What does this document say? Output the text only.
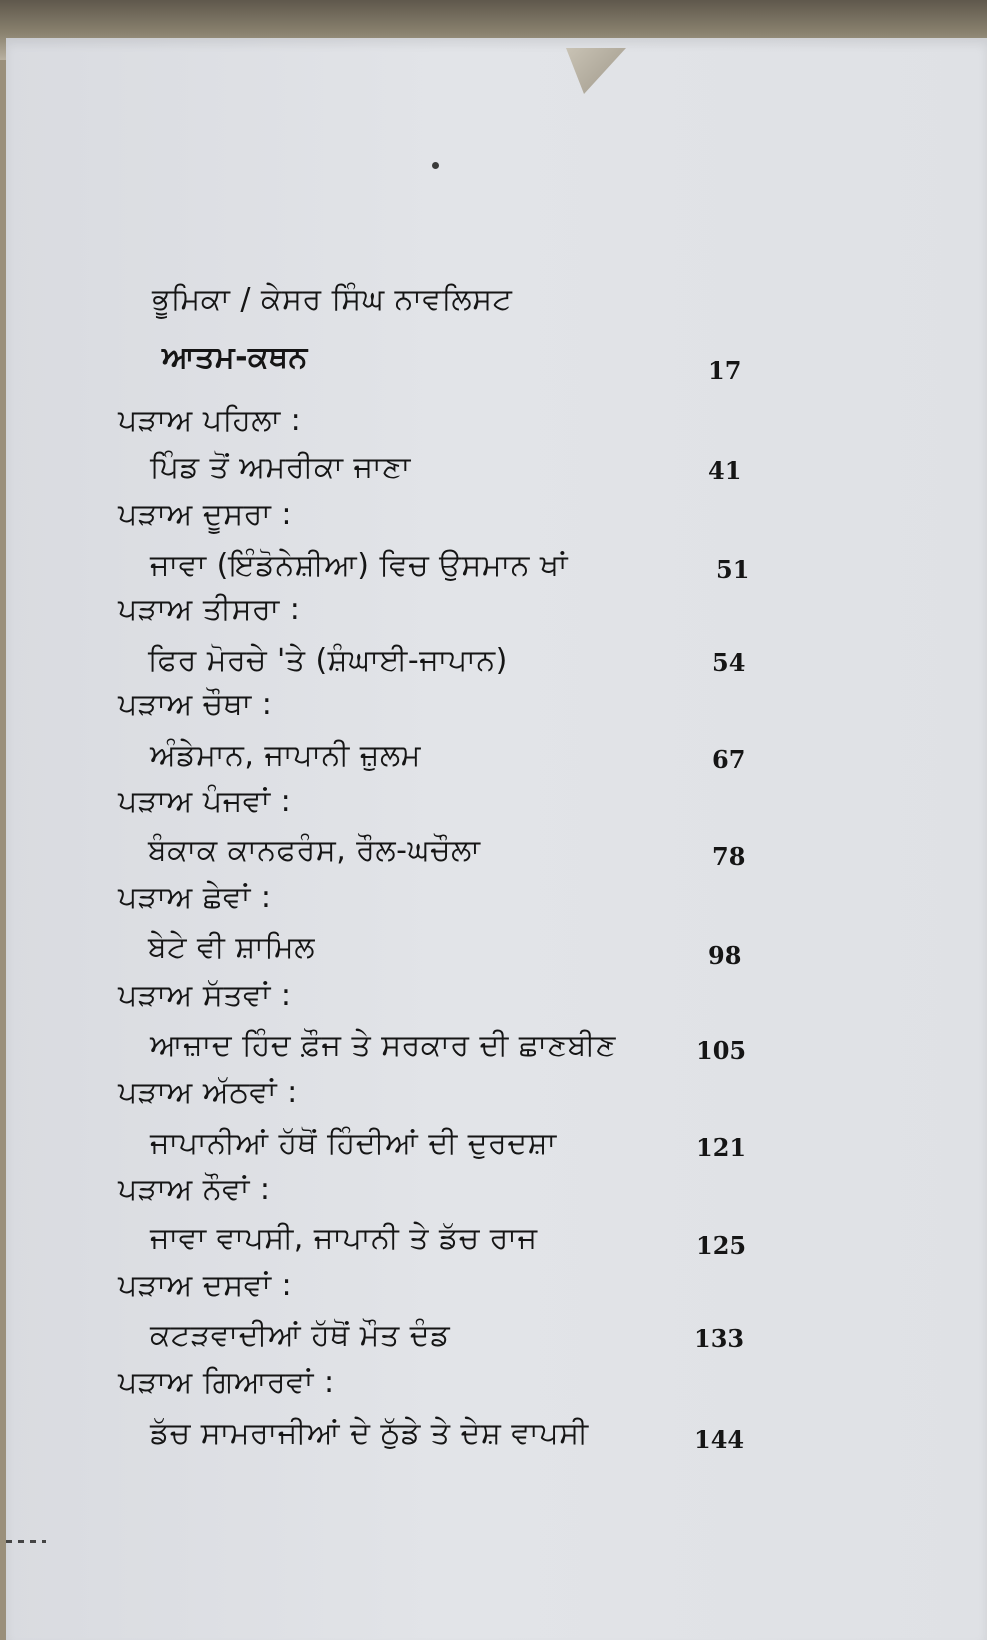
ਭੂਮਿਕਾ / ਕੇਸਰ ਸਿੰਘ ਨਾਵਲਿਸਟ
ਆਤਮ-ਕਥਨ	17
ਪੜਾਅ ਪਹਿਲਾ :
ਪਿੰਡ ਤੋਂ ਅਮਰੀਕਾ ਜਾਣਾ	41
ਪੜਾਅ ਦੂਸਰਾ :
ਜਾਵਾ (ਇੰਡੋਨੇਸ਼ੀਆ) ਵਿਚ ਉਸਮਾਨ ਖਾਂ	51
ਪੜਾਅ ਤੀਸਰਾ :
ਫਿਰ ਮੋਰਚੇ 'ਤੇ (ਸ਼ੰਘਾਈ-ਜਾਪਾਨ)	54
ਪੜਾਅ ਚੌਥਾ :
ਅੰਡੇਮਾਨ, ਜਾਪਾਨੀ ਜ਼ੁਲਮ	67
ਪੜਾਅ ਪੰਜਵਾਂ :
ਬੰਕਾਕ ਕਾਨਫਰੰਸ, ਰੌਲ-ਘਚੌਲਾ	78
ਪੜਾਅ ਛੇਵਾਂ :
ਬੇਟੇ ਵੀ ਸ਼ਾਮਿਲ	98
ਪੜਾਅ ਸੱਤਵਾਂ :
ਆਜ਼ਾਦ ਹਿੰਦ ਫ਼ੌਜ ਤੇ ਸਰਕਾਰ ਦੀ ਛਾਣਬੀਣ	105
ਪੜਾਅ ਅੱਠਵਾਂ :
ਜਾਪਾਨੀਆਂ ਹੱਥੋਂ ਹਿੰਦੀਆਂ ਦੀ ਦੁਰਦਸ਼ਾ	121
ਪੜਾਅ ਨੌਵਾਂ :
ਜਾਵਾ ਵਾਪਸੀ, ਜਾਪਾਨੀ ਤੇ ਡੱਚ ਰਾਜ	125
ਪੜਾਅ ਦਸਵਾਂ :
ਕਟੜਵਾਦੀਆਂ ਹੱਥੋਂ ਮੌਤ ਦੰਡ	133
ਪੜਾਅ ਗਿਆਰਵਾਂ :
ਡੱਚ ਸਾਮਰਾਜੀਆਂ ਦੇ ਠੁੱਡੇ ਤੇ ਦੇਸ਼ ਵਾਪਸੀ	144
